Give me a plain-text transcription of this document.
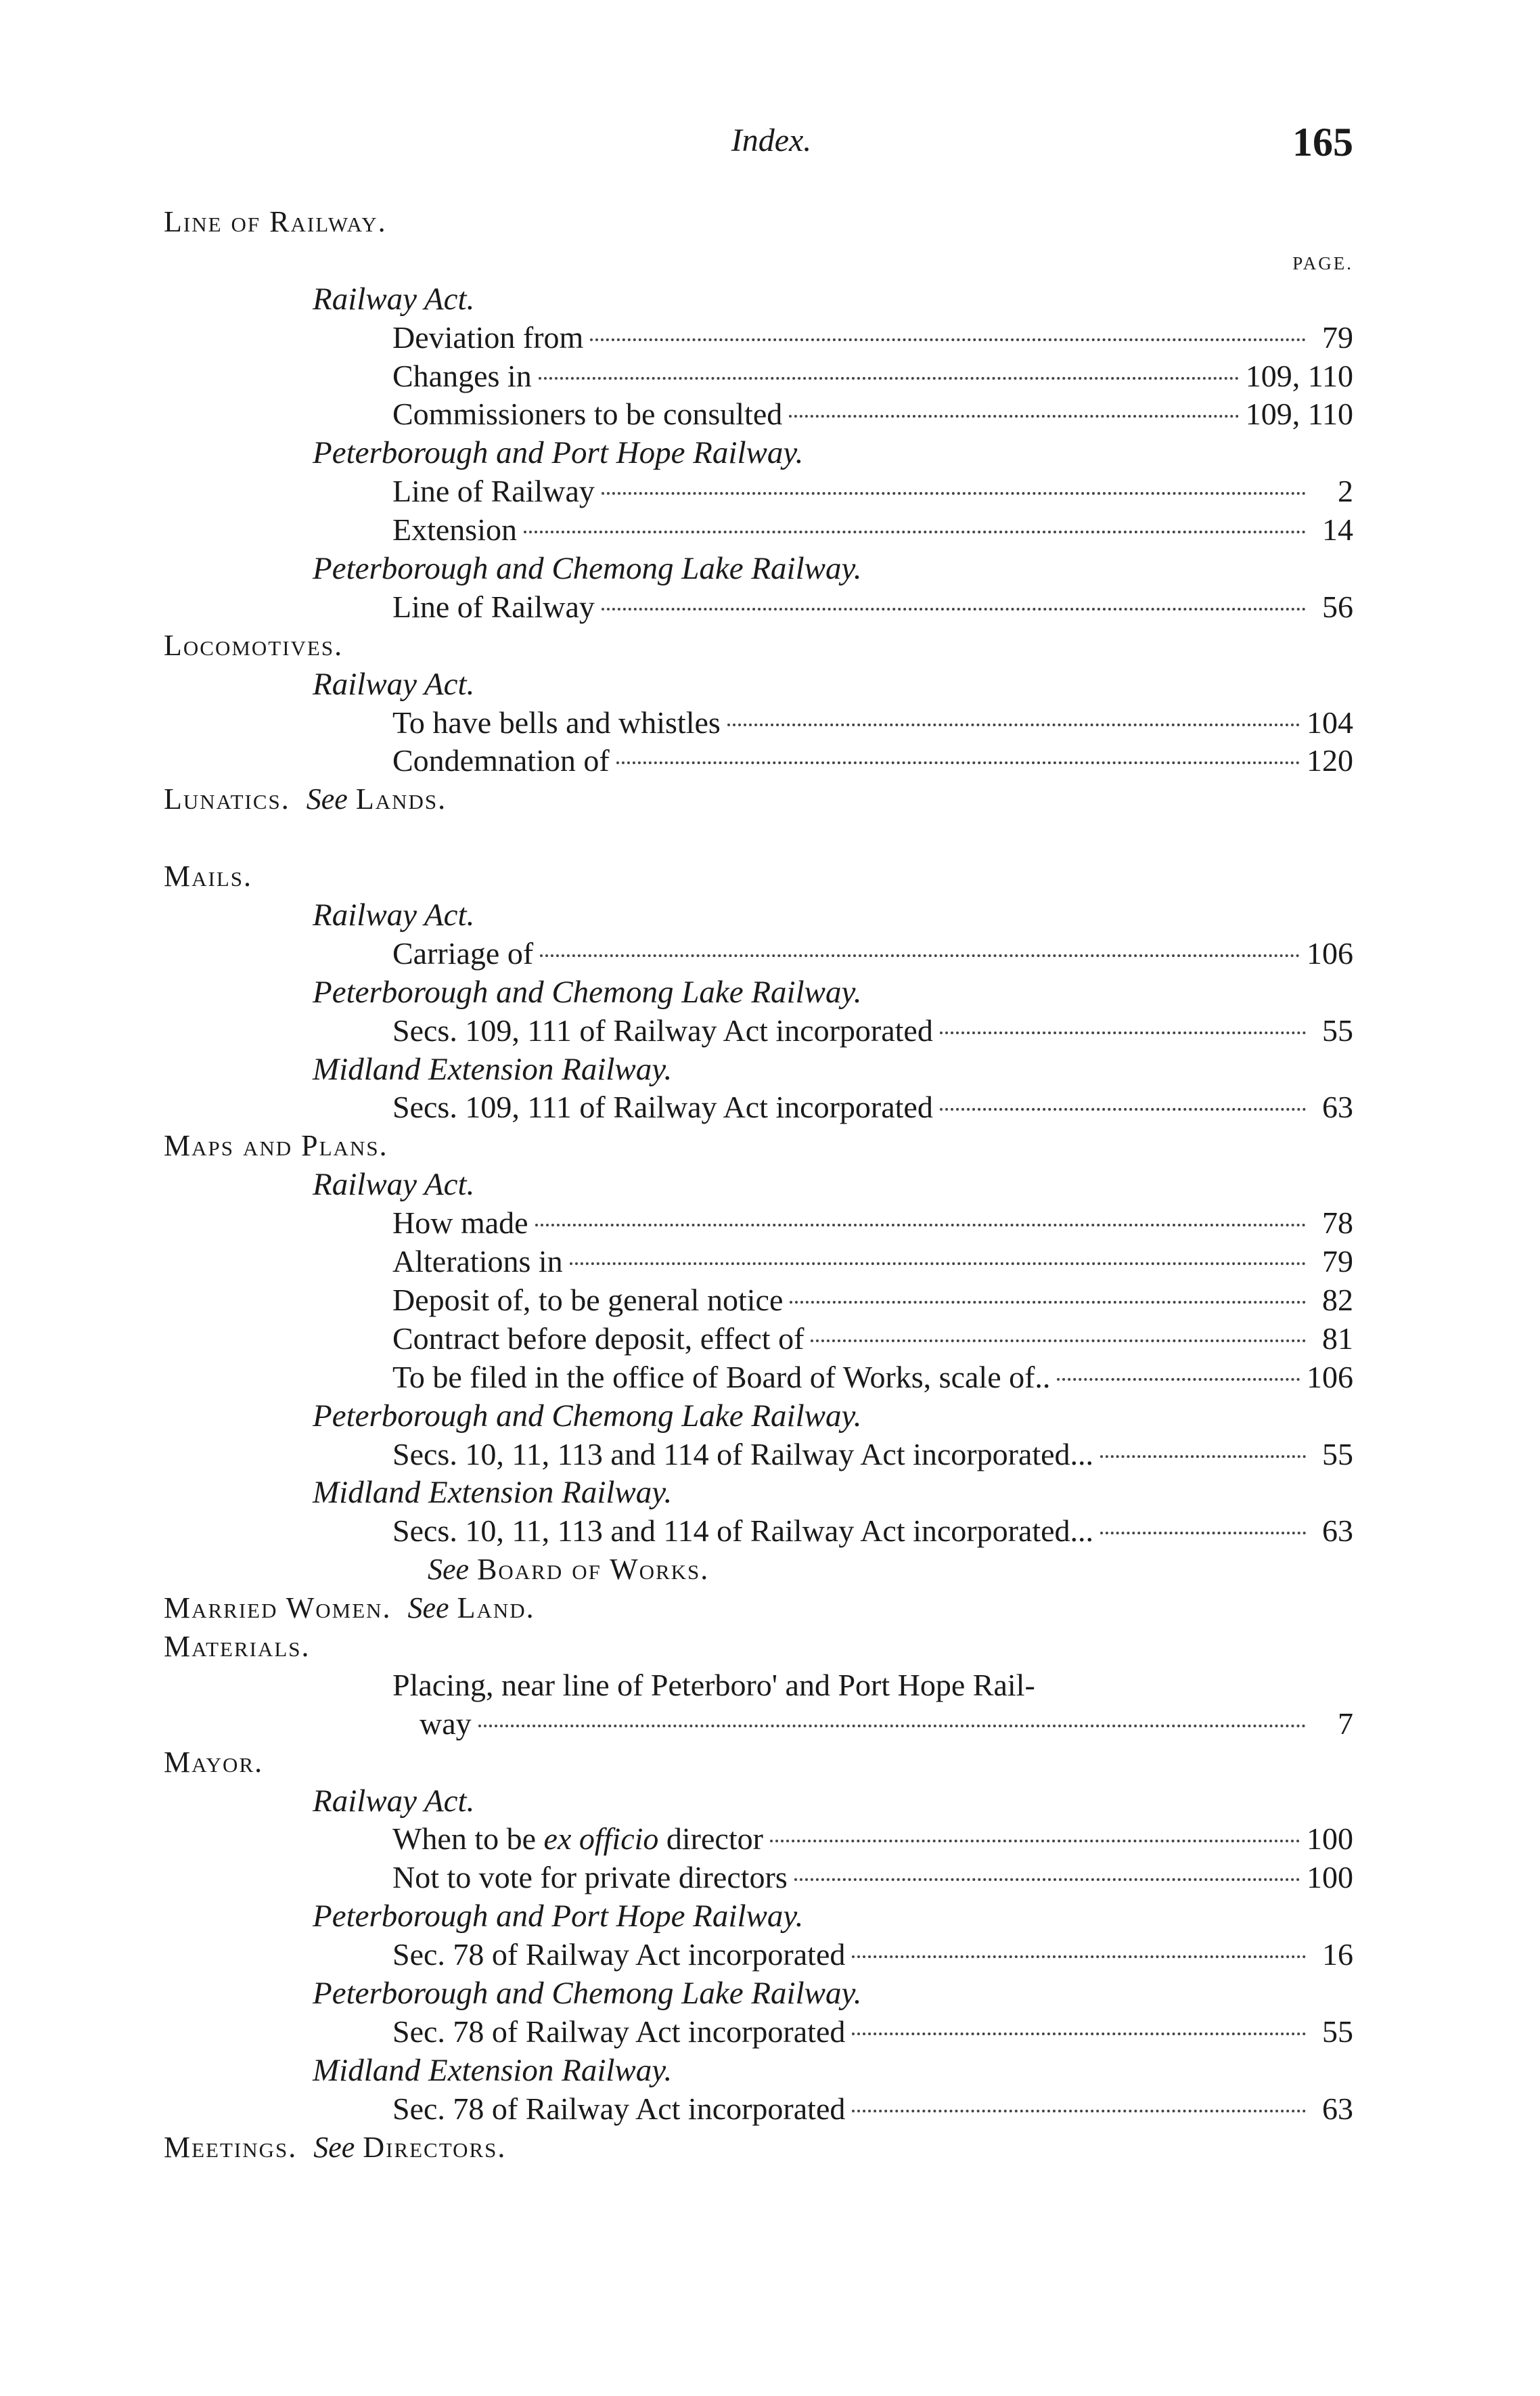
Index.	165
PAGE.
Line of Railway.
Railway Act.
Deviation from	79
Changes in	109, 110
Commissioners to be consulted	109, 110
Peterborough and Port Hope Railway.
Line of Railway	2
Extension	14
Peterborough and Chemong Lake Railway.
Line of Railway	56
Locomotives.
Railway Act.
To have bells and whistles	104
Condemnation of	120
Lunatics. See Lands.
Mails.
Railway Act.
Carriage of	106
Peterborough and Chemong Lake Railway.
Secs. 109, 111 of Railway Act incorporated	55
Midland Extension Railway.
Secs. 109, 111 of Railway Act incorporated	63
Maps and Plans.
Railway Act.
How made	78
Alterations in	79
Deposit of, to be general notice	82
Contract before deposit, effect of	81
To be filed in the office of Board of Works, scale of..	106
Peterborough and Chemong Lake Railway.
Secs. 10, 11, 113 and 114 of Railway Act incorporated...	55
Midland Extension Railway.
Secs. 10, 11, 113 and 114 of Railway Act incorporated...	63
See Board of Works.
Married Women. See Land.
Materials.
Placing, near line of Peterboro' and Port Hope Rail-
way	7
Mayor.
Railway Act.
When to be ex officio director	100
Not to vote for private directors	100
Peterborough and Port Hope Railway.
Sec. 78 of Railway Act incorporated	16
Peterborough and Chemong Lake Railway.
Sec. 78 of Railway Act incorporated	55
Midland Extension Railway.
Sec. 78 of Railway Act incorporated	63
Meetings. See Directors.
